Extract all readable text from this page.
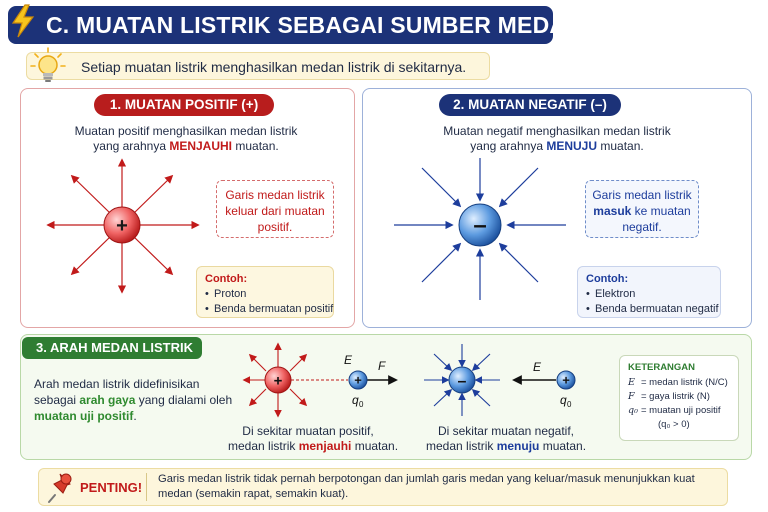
C. MUATAN LISTRIK SEBAGAI SUMBER MEDAN
Setiap muatan listrik menghasilkan medan listrik di sekitarnya.
1. MUATAN POSITIF (+)
Muatan positif menghasilkan medan listrik
yang arahnya MENJAUHI muatan.
+
Garis medan listrik
keluar dari muatan
positif.
Contoh:
• Proton
• Benda bermuatan positif
2. MUATAN NEGATIF (–)
Muatan negatif menghasilkan medan listrik
yang arahnya MENUJU muatan.
–
Garis medan listrik
masuk ke muatan
negatif.
Contoh:
• Elektron
• Benda bermuatan negatif
3. ARAH MEDAN LISTRIK
Arah medan listrik didefinisikan sebagai arah gaya yang dialami oleh muatan uji positif.
+	+
E F
q 0
Di sekitar muatan positif,
medan listrik menjauhi muatan.
–	+
E
q 0
Di sekitar muatan negatif,
medan listrik menuju muatan.
KETERANGAN
E = medan listrik (N/C)
F = gaya listrik (N)
q₀ = muatan uji positif
(q₀ > 0)
PENTING!
Garis medan listrik tidak pernah berpotongan dan jumlah garis medan yang keluar/masuk menunjukkan kuat medan (semakin rapat, semakin kuat).
